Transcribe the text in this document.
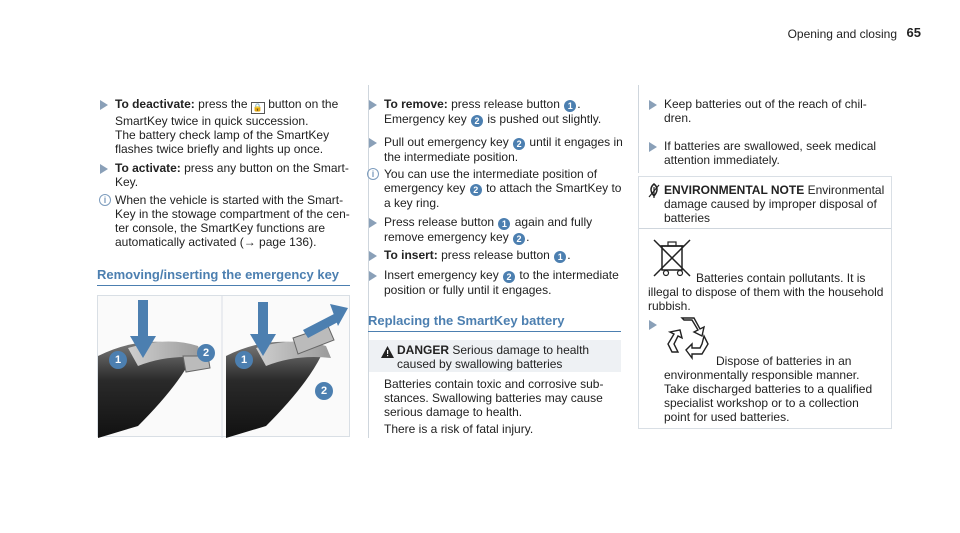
Opening and closing 65
To deactivate: press the 🔒 button on the
SmartKey twice in quick succession.
The battery check lamp of the SmartKey
flashes twice briefly and lights up once.
To activate: press any button on the Smart-
Key.
i When the vehicle is started with the Smart-
Key in the stowage compartment of the cen-
ter console, the SmartKey functions are
automatically activated (→ page 136).
Removing/inserting the emergency key
1
2
1
2
To remove: press release button 1 .
Emergency key 2 is pushed out slightly.
Pull out emergency key 2 until it engages in
the intermediate position.
i You can use the intermediate position of
emergency key 2 to attach the SmartKey to
a key ring.
Press release button 1 again and fully
remove emergency key 2 .
To insert: press release button 1 .
Insert emergency key 2 to the intermediate
position or fully until it engages.
Replacing the SmartKey battery
DANGER Serious damage to health
caused by swallowing batteries
Batteries contain toxic and corrosive sub-
stances. Swallowing batteries may cause
serious damage to health.
There is a risk of fatal injury.
Keep batteries out of the reach of chil-
dren.
If batteries are swallowed, seek medical
attention immediately.
ENVIRONMENTAL NOTE Environmental
damage caused by improper disposal of
batteries
Batteries contain pollutants. It is
illegal to dispose of them with the household
rubbish.
Dispose of batteries in an
environmentally responsible manner.
Take discharged batteries to a qualified
specialist workshop or to a collection
point for used batteries.
